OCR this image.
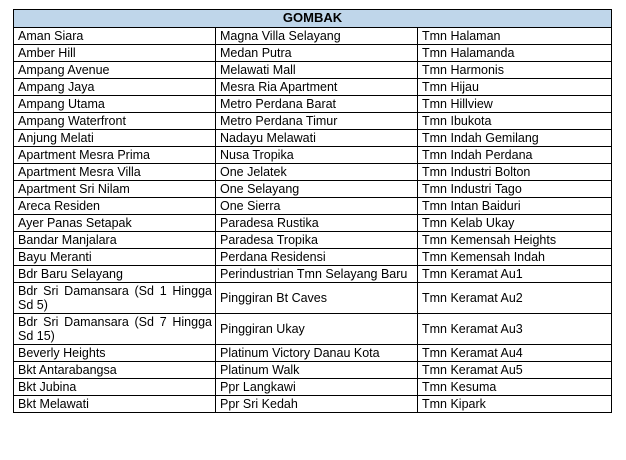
GOMBAK		
Aman Siara	Magna Villa Selayang	Tmn Halaman
Amber Hill	Medan Putra	Tmn Halamanda
Ampang Avenue	Melawati Mall	Tmn Harmonis
Ampang Jaya	Mesra Ria Apartment	Tmn Hijau
Ampang Utama	Metro Perdana Barat	Tmn Hillview
Ampang Waterfront	Metro Perdana Timur	Tmn Ibukota
Anjung Melati	Nadayu Melawati	Tmn Indah Gemilang
Apartment Mesra Prima	Nusa Tropika	Tmn Indah Perdana
Apartment Mesra Villa	One Jelatek	Tmn Industri Bolton
Apartment Sri Nilam	One Selayang	Tmn Industri Tago
Areca Residen	One Sierra	Tmn Intan Baiduri
Ayer Panas Setapak	Paradesa Rustika	Tmn Kelab Ukay
Bandar Manjalara	Paradesa Tropika	Tmn Kemensah Heights
Bayu Meranti	Perdana Residensi	Tmn Kemensah Indah
Bdr Baru Selayang	Perindustrian Tmn Selayang Baru	Tmn Keramat Au1
Bdr Sri Damansara (Sd 1 Hingga Sd 5)	Pinggiran Bt Caves	Tmn Keramat Au2
Bdr Sri Damansara (Sd 7 Hingga Sd 15)	Pinggiran Ukay	Tmn Keramat Au3
Beverly Heights	Platinum Victory Danau Kota	Tmn Keramat Au4
Bkt Antarabangsa	Platinum Walk	Tmn Keramat Au5
Bkt Jubina	Ppr Langkawi	Tmn Kesuma
Bkt Melawati	Ppr Sri Kedah	Tmn Kipark
